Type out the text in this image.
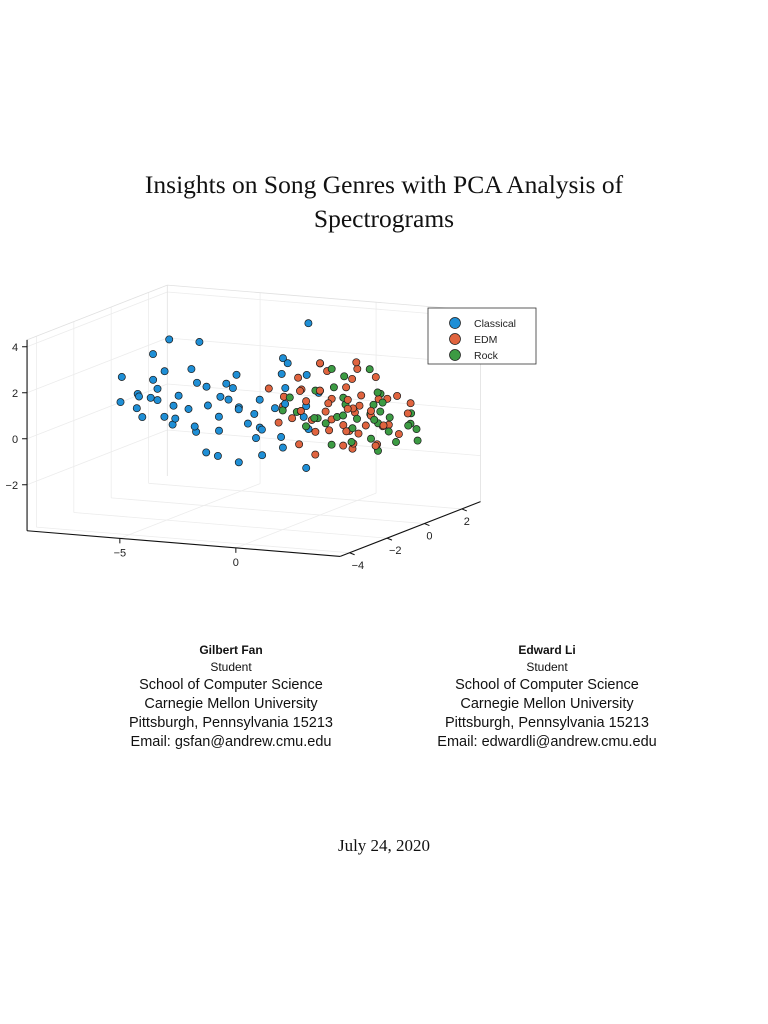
Insights on Song Genres with PCA Analysis of
Spectrograms
−2
0
2
4
−5
0	−4
−2
0
2
Classical
EDM
Rock
Gilbert Fan
Student
School of Computer Science
Carnegie Mellon University
Pittsburgh, Pennsylvania 15213
Email: gsfan@andrew.cmu.edu
Edward Li
Student
School of Computer Science
Carnegie Mellon University
Pittsburgh, Pennsylvania 15213
Email: edwardli@andrew.cmu.edu
July 24, 2020
